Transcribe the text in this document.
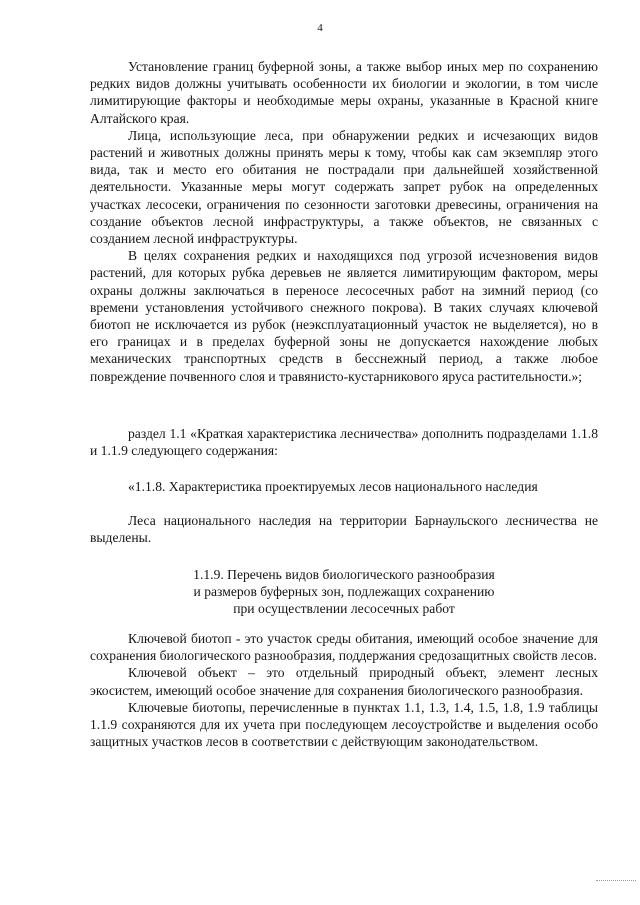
4

Установление границ буферной зоны, а также выбор иных мер по сохранению редких видов должны учитывать особенности их биологии и экологии, в том числе лимитирующие факторы и необходимые меры охраны, указанные в Красной книге Алтайского края.

Лица, использующие леса, при обнаружении редких и исчезающих видов растений и животных должны принять меры к тому, чтобы как сам экземпляр этого вида, так и место его обитания не пострадали при дальнейшей хозяйственной деятельности. Указанные меры могут содержать запрет рубок на определенных участках лесосеки, ограничения по сезонности заготовки древесины, ограничения на создание объектов лесной инфраструктуры, а также объектов, не связанных с созданием лесной инфраструктуры.

В целях сохранения редких и находящихся под угрозой исчезновения видов растений, для которых рубка деревьев не является лимитирующим фактором, меры охраны должны заключаться в переносе лесосечных работ на зимний период (со времени установления устойчивого снежного покрова). В таких случаях ключевой биотоп не исключается из рубок (неэксплуатационный участок не выделяется), но в его границах и в пределах буферной зоны не допускается нахождение любых механических транспортных средств в бесснежный период, а также любое повреждение почвенного слоя и травянисто-кустарникового яруса растительности.»;

раздел 1.1 «Краткая характеристика лесничества» дополнить подразделами 1.1.8 и 1.1.9 следующего содержания:

«1.1.8. Характеристика проектируемых лесов национального наследия

Леса национального наследия на территории Барнаульского лесничества не выделены.

1.1.9. Перечень видов биологического разнообразия
и размеров буферных зон, подлежащих сохранению
при осуществлении лесосечных работ

Ключевой биотоп - это участок среды обитания, имеющий особое значение для сохранения биологического разнообразия, поддержания средозащитных свойств лесов.

Ключевой объект – это отдельный природный объект, элемент лесных экосистем, имеющий особое значение для сохранения биологического разнообразия.

Ключевые биотопы, перечисленные в пунктах 1.1, 1.3, 1.4, 1.5, 1.8, 1.9 таблицы 1.1.9 сохраняются для их учета при последующем лесоустройстве и выделения особо защитных участков лесов в соответствии с действующим законодательством.
